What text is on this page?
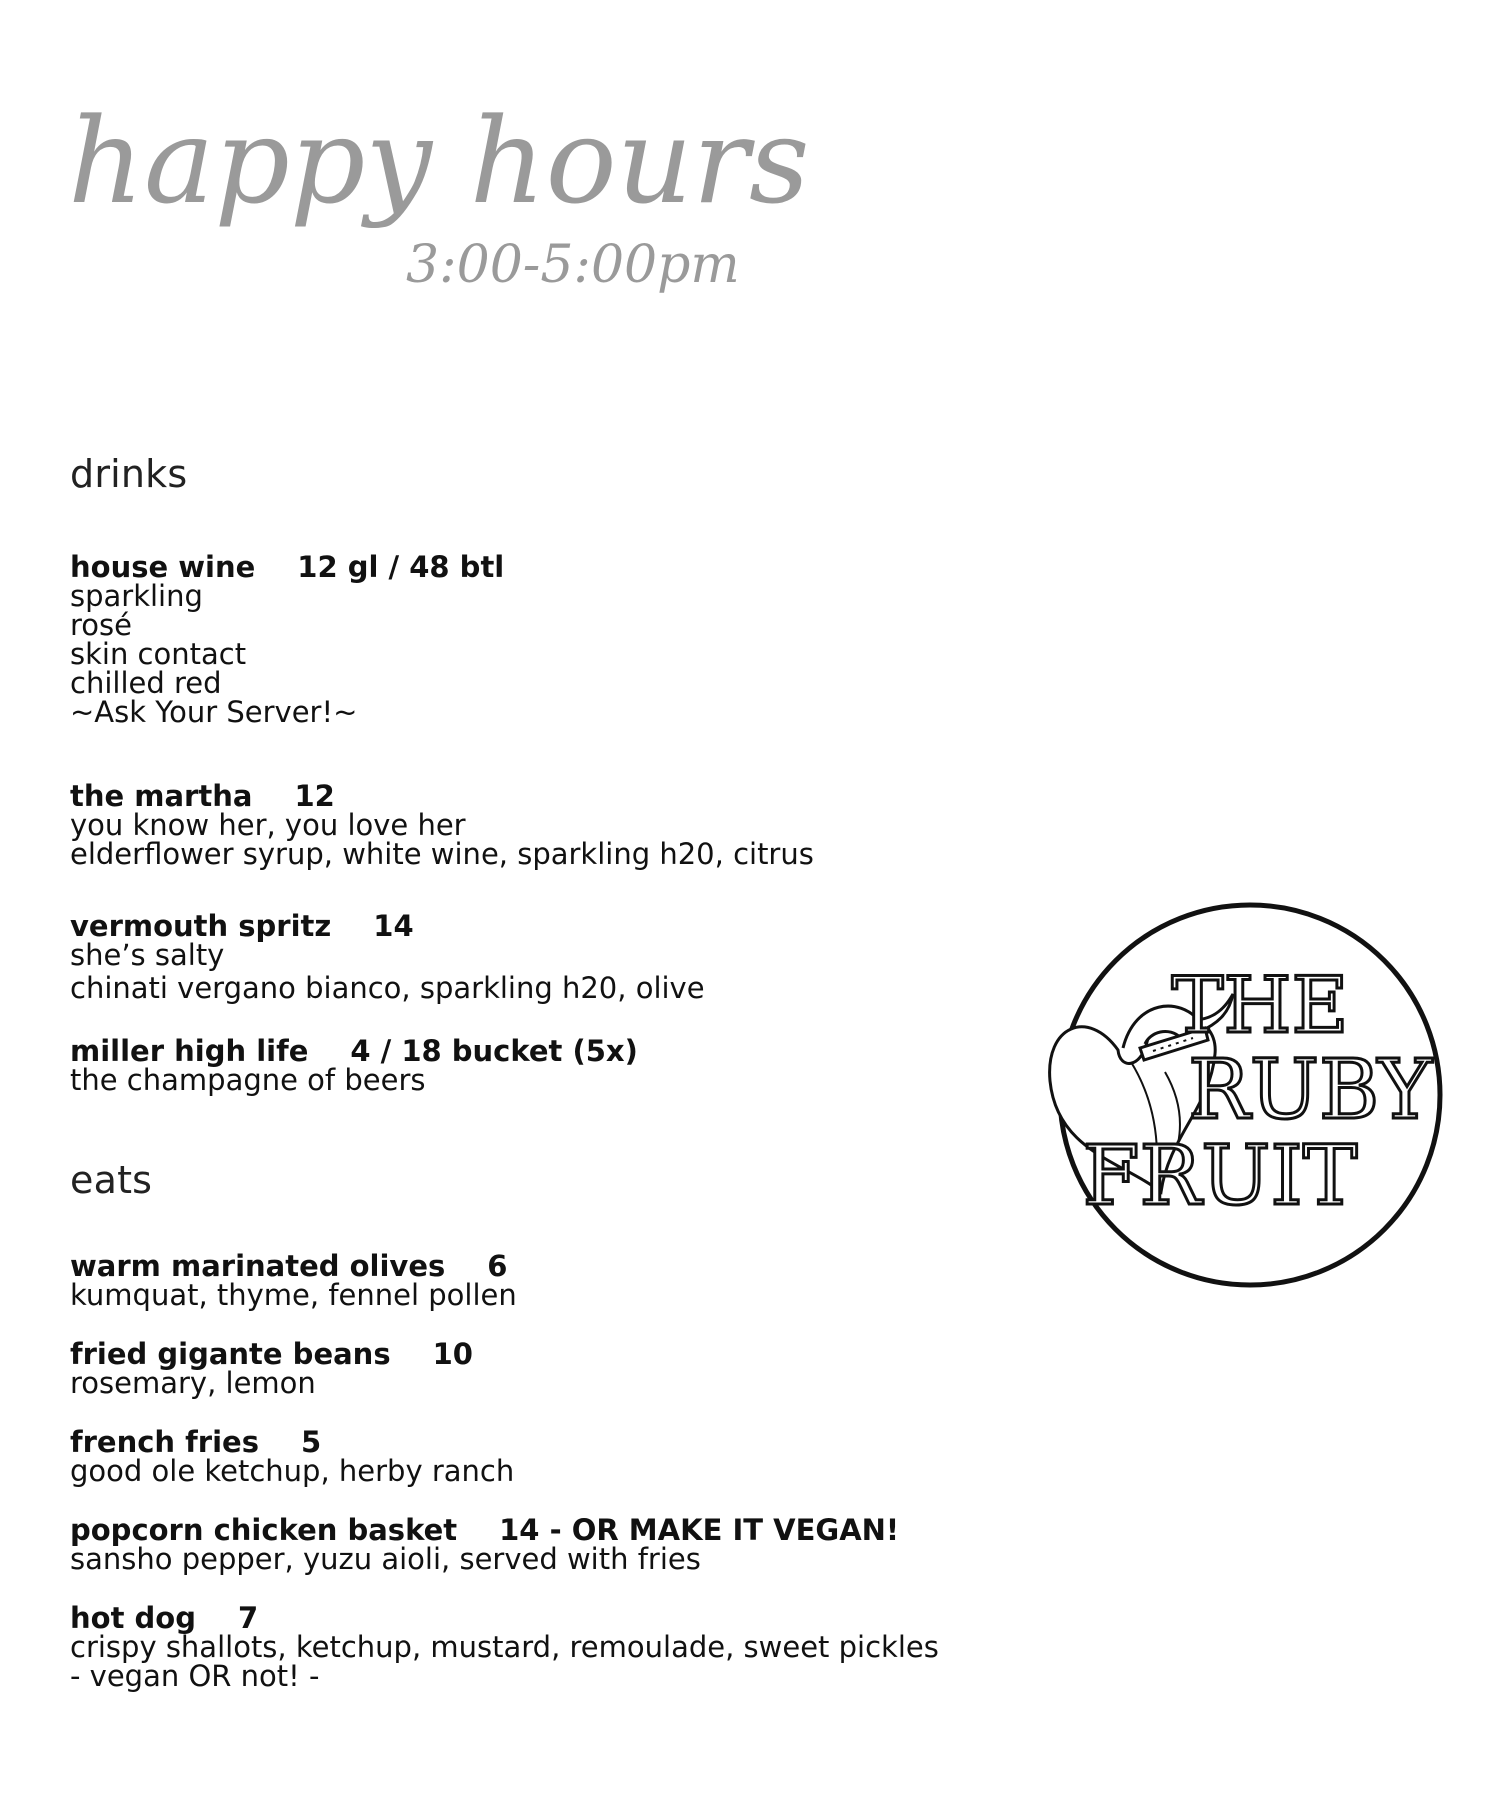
happy hours
3:00-5:00pm
drinks
house wine 12 gl / 48 btl
sparkling
rosé
skin contact
chilled red
~Ask Your Server!~
the martha 12
you know her, you love her
elderflower syrup, white wine, sparkling h20, citrus
vermouth spritz 14
she’s salty
chinati vergano bianco, sparkling h20, olive
miller high life 4 / 18 bucket (5x)
the champagne of beers
eats
warm marinated olives 6
kumquat, thyme, fennel pollen
fried gigante beans 10
rosemary, lemon
french fries 5
good ole ketchup, herby ranch
popcorn chicken basket 14 - OR MAKE IT VEGAN!
sansho pepper, yuzu aioli, served with fries
hot dog 7
crispy shallots, ketchup, mustard, remoulade, sweet pickles
- vegan OR not! -
THE
RUBY
FRUIT
